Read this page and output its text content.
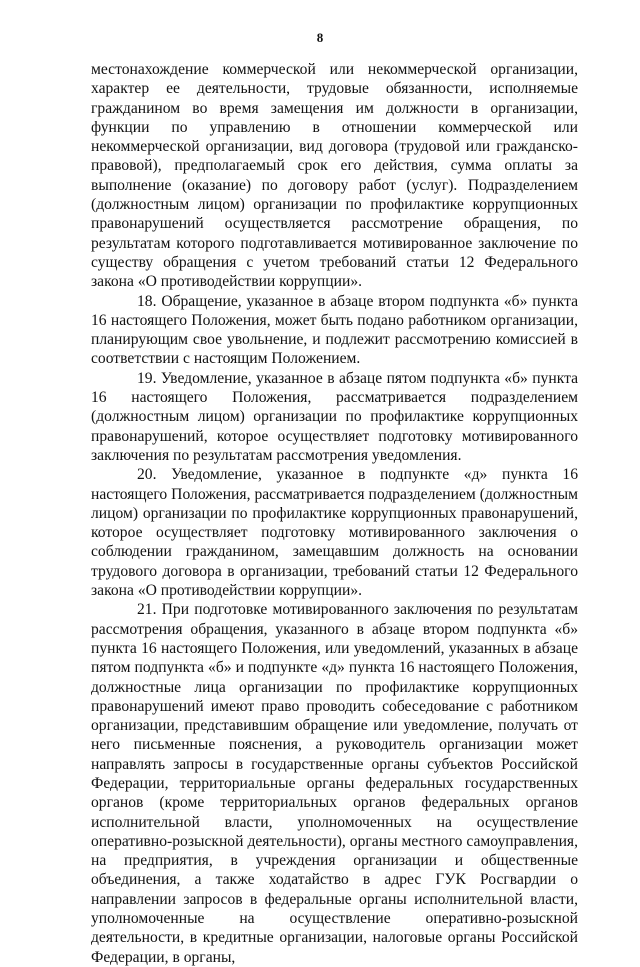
8

местонахождение коммерческой или некоммерческой организации, характер ее деятельности, трудовые обязанности, исполняемые гражданином во время замещения им должности в организации, функции по управлению в отношении коммерческой или некоммерческой организации, вид договора (трудовой или гражданско-правовой), предполагаемый срок его действия, сумма оплаты за выполнение (оказание) по договору работ (услуг). Подразделением (должностным лицом) организации по профилактике коррупционных правонарушений осуществляется рассмотрение обращения, по результатам которого подготавливается мотивированное заключение по существу обращения с учетом требований статьи 12 Федерального закона «О противодействии коррупции».

18. Обращение, указанное в абзаце втором подпункта «б» пункта 16 настоящего Положения, может быть подано работником организации, планирующим свое увольнение, и подлежит рассмотрению комиссией в соответствии с настоящим Положением.

19. Уведомление, указанное в абзаце пятом подпункта «б» пункта 16 настоящего Положения, рассматривается подразделением (должностным лицом) организации по профилактике коррупционных правонарушений, которое осуществляет подготовку мотивированного заключения по результатам рассмотрения уведомления.

20. Уведомление, указанное в подпункте «д» пункта 16 настоящего Положения, рассматривается подразделением (должностным лицом) организации по профилактике коррупционных правонарушений, которое осуществляет подготовку мотивированного заключения о соблюдении гражданином, замещавшим должность на основании трудового договора в организации, требований статьи 12 Федерального закона «О противодействии коррупции».

21. При подготовке мотивированного заключения по результатам рассмотрения обращения, указанного в абзаце втором подпункта «б» пункта 16 настоящего Положения, или уведомлений, указанных в абзаце пятом подпункта «б» и подпункте «д» пункта 16 настоящего Положения, должностные лица организации по профилактике коррупционных правонарушений имеют право проводить собеседование с работником организации, представившим обращение или уведомление, получать от него письменные пояснения, а руководитель организации может направлять запросы в государственные органы субъектов Российской Федерации, территориальные органы федеральных государственных органов (кроме территориальных органов федеральных органов исполнительной власти, уполномоченных на осуществление оперативно-розыскной деятельности), органы местного самоуправления, на предприятия, в учреждения организации и общественные объединения, а также ходатайство в адрес ГУК Росгвардии о направлении запросов в федеральные органы исполнительной власти, уполномоченные на осуществление оперативно-розыскной деятельности, в кредитные организации, налоговые органы Российской Федерации, в органы,
